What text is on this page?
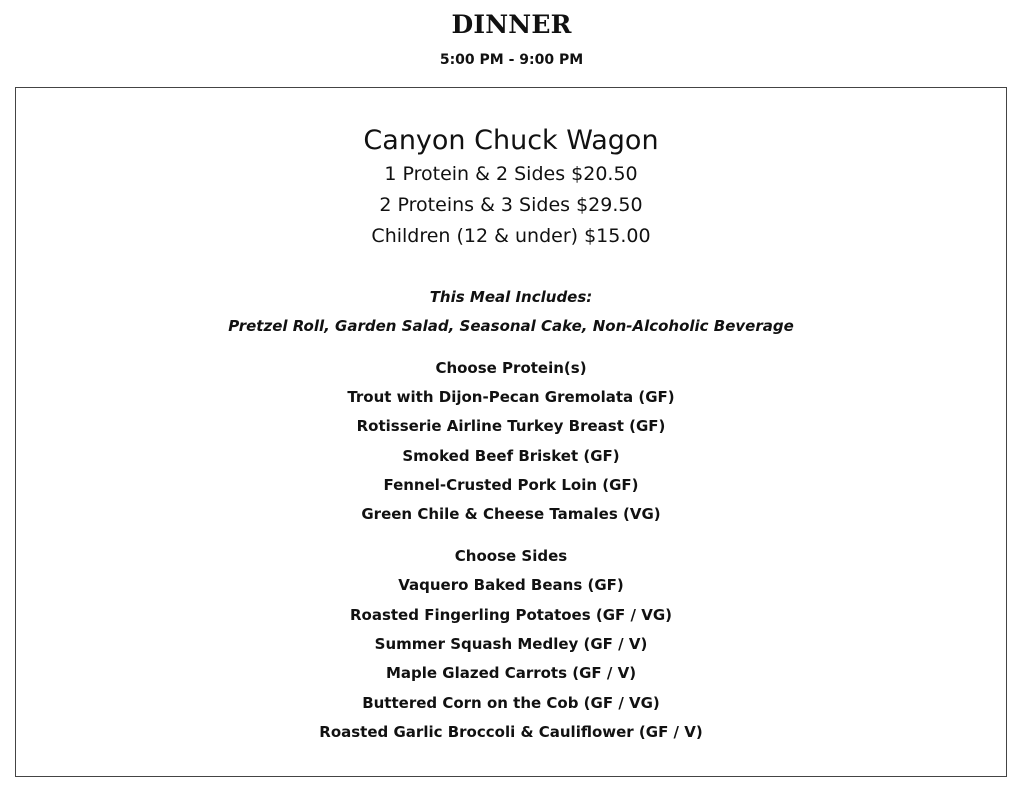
DINNER
5:00 PM - 9:00 PM
Canyon Chuck Wagon
1 Protein & 2 Sides $20.50
2 Proteins & 3 Sides $29.50
Children (12 & under) $15.00
This Meal Includes:
Pretzel Roll, Garden Salad, Seasonal Cake, Non-Alcoholic Beverage
Choose Protein(s)
Trout with Dijon-Pecan Gremolata (GF)
Rotisserie Airline Turkey Breast (GF)
Smoked Beef Brisket (GF)
Fennel-Crusted Pork Loin (GF)
Green Chile & Cheese Tamales (VG)
Choose Sides
Vaquero Baked Beans (GF)
Roasted Fingerling Potatoes (GF / VG)
Summer Squash Medley (GF / V)
Maple Glazed Carrots (GF / V)
Buttered Corn on the Cob (GF / VG)
Roasted Garlic Broccoli & Cauliflower (GF / V)
